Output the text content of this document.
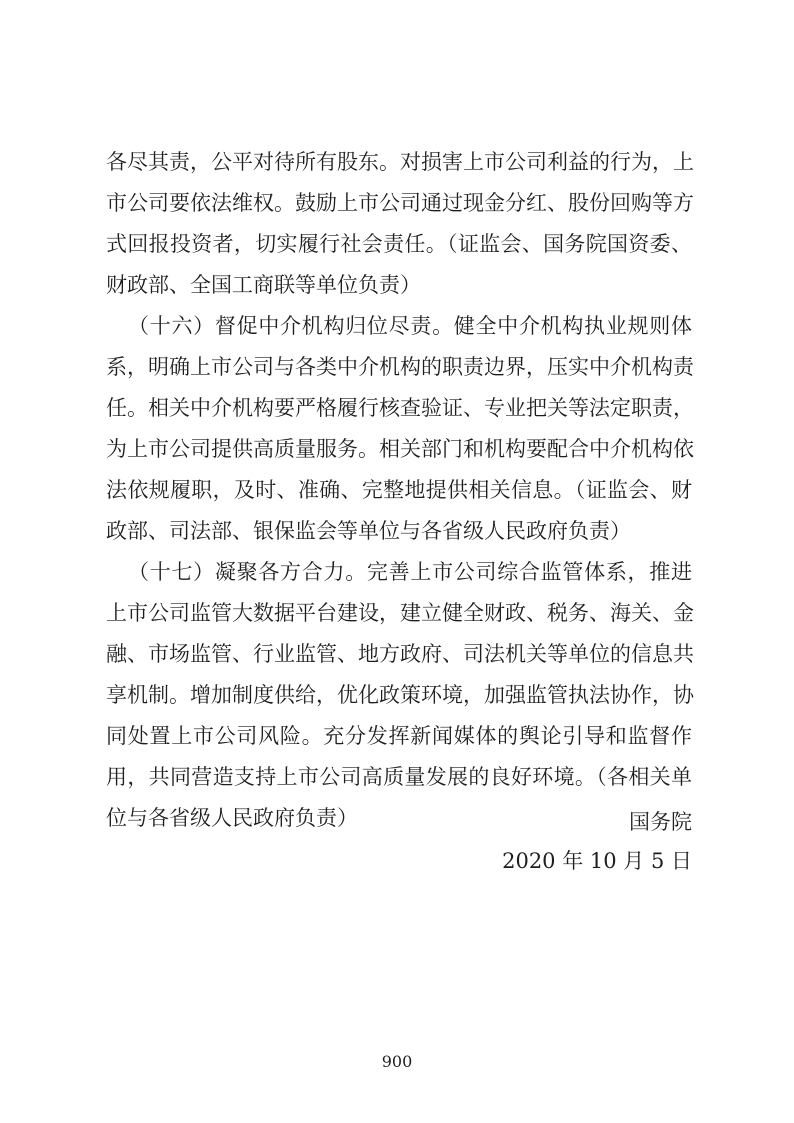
各尽其责，公平对待所有股东。对损害上市公司利益的行为，上
市公司要依法维权。鼓励上市公司通过现金分红、股份回购等方
式回报投资者，切实履行社会责任。（证监会、国务院国资委、
财政部、全国工商联等单位负责）
（十六）督促中介机构归位尽责。健全中介机构执业规则体
系，明确上市公司与各类中介机构的职责边界，压实中介机构责
任。相关中介机构要严格履行核查验证、专业把关等法定职责，
为上市公司提供高质量服务。相关部门和机构要配合中介机构依
法依规履职，及时、准确、完整地提供相关信息。（证监会、财
政部、司法部、银保监会等单位与各省级人民政府负责）
（十七）凝聚各方合力。完善上市公司综合监管体系，推进
上市公司监管大数据平台建设，建立健全财政、税务、海关、金
融、市场监管、行业监管、地方政府、司法机关等单位的信息共
享机制。增加制度供给，优化政策环境，加强监管执法协作，协
同处置上市公司风险。充分发挥新闻媒体的舆论引导和监督作
用，共同营造支持上市公司高质量发展的良好环境。（各相关单
位与各省级人民政府负责）	国务院
2020 年 10 月 5 日
900
